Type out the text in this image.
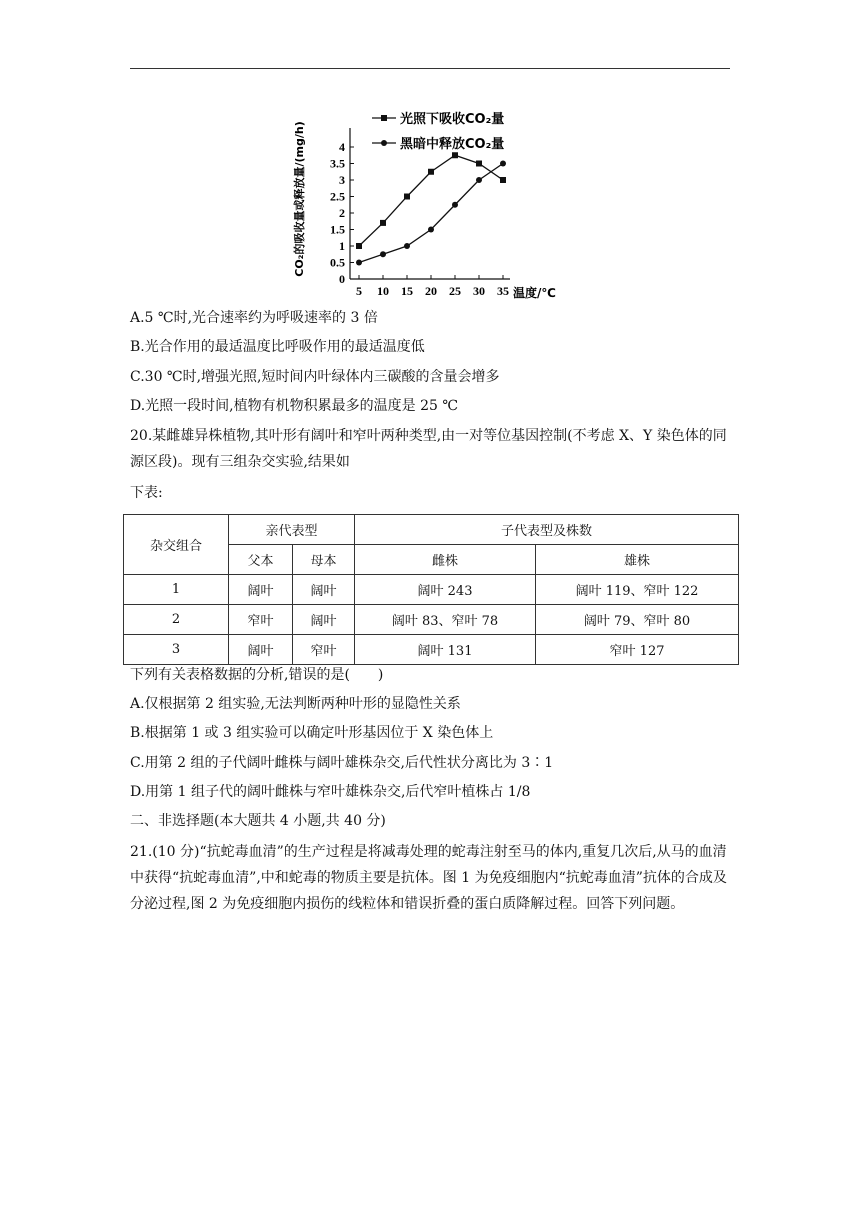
0
0.5
1
1.5
2
2.5
3
3.5
4
5 10 15 20 25 30 35 温度/℃
CO₂的吸收量或释放量/(mg/h)
光照下吸收CO₂量
黑暗中释放CO₂量
A.5 ℃时,光合速率约为呼吸速率的 3 倍
B.光合作用的最适温度比呼吸作用的最适温度低
C.30 ℃时,增强光照,短时间内叶绿体内三碳酸的含量会增多
D.光照一段时间,植物有机物积累最多的温度是 25 ℃
20.某雌雄异株植物,其叶形有阔叶和窄叶两种类型,由一对等位基因控制(不考虑 X、Y 染色体的同源区段)。现有三组杂交实验,结果如
下表:
杂交组合	亲代表型		子代表型及株数	
	父本	母本	雌株	雄株
1	阔叶	阔叶	阔叶 243	阔叶 119、窄叶 122
2	窄叶	阔叶	阔叶 83、窄叶 78	阔叶 79、窄叶 80
3	阔叶	窄叶	阔叶 131	窄叶 127
下列有关表格数据的分析,错误的是(　　)
A.仅根据第 2 组实验,无法判断两种叶形的显隐性关系
B.根据第 1 或 3 组实验可以确定叶形基因位于 X 染色体上
C.用第 2 组的子代阔叶雌株与阔叶雄株杂交,后代性状分离比为 3∶1
D.用第 1 组子代的阔叶雌株与窄叶雄株杂交,后代窄叶植株占 1/8
二、非选择题(本大题共 4 小题,共 40 分)
21.(10 分)“抗蛇毒血清”的生产过程是将减毒处理的蛇毒注射至马的体内,重复几次后,从马的血清中获得“抗蛇毒血清”,中和蛇毒的物质主要是抗体。图 1 为免疫细胞内“抗蛇毒血清”抗体的合成及分泌过程,图 2 为免疫细胞内损伤的线粒体和错误折叠的蛋白质降解过程。回答下列问题。
